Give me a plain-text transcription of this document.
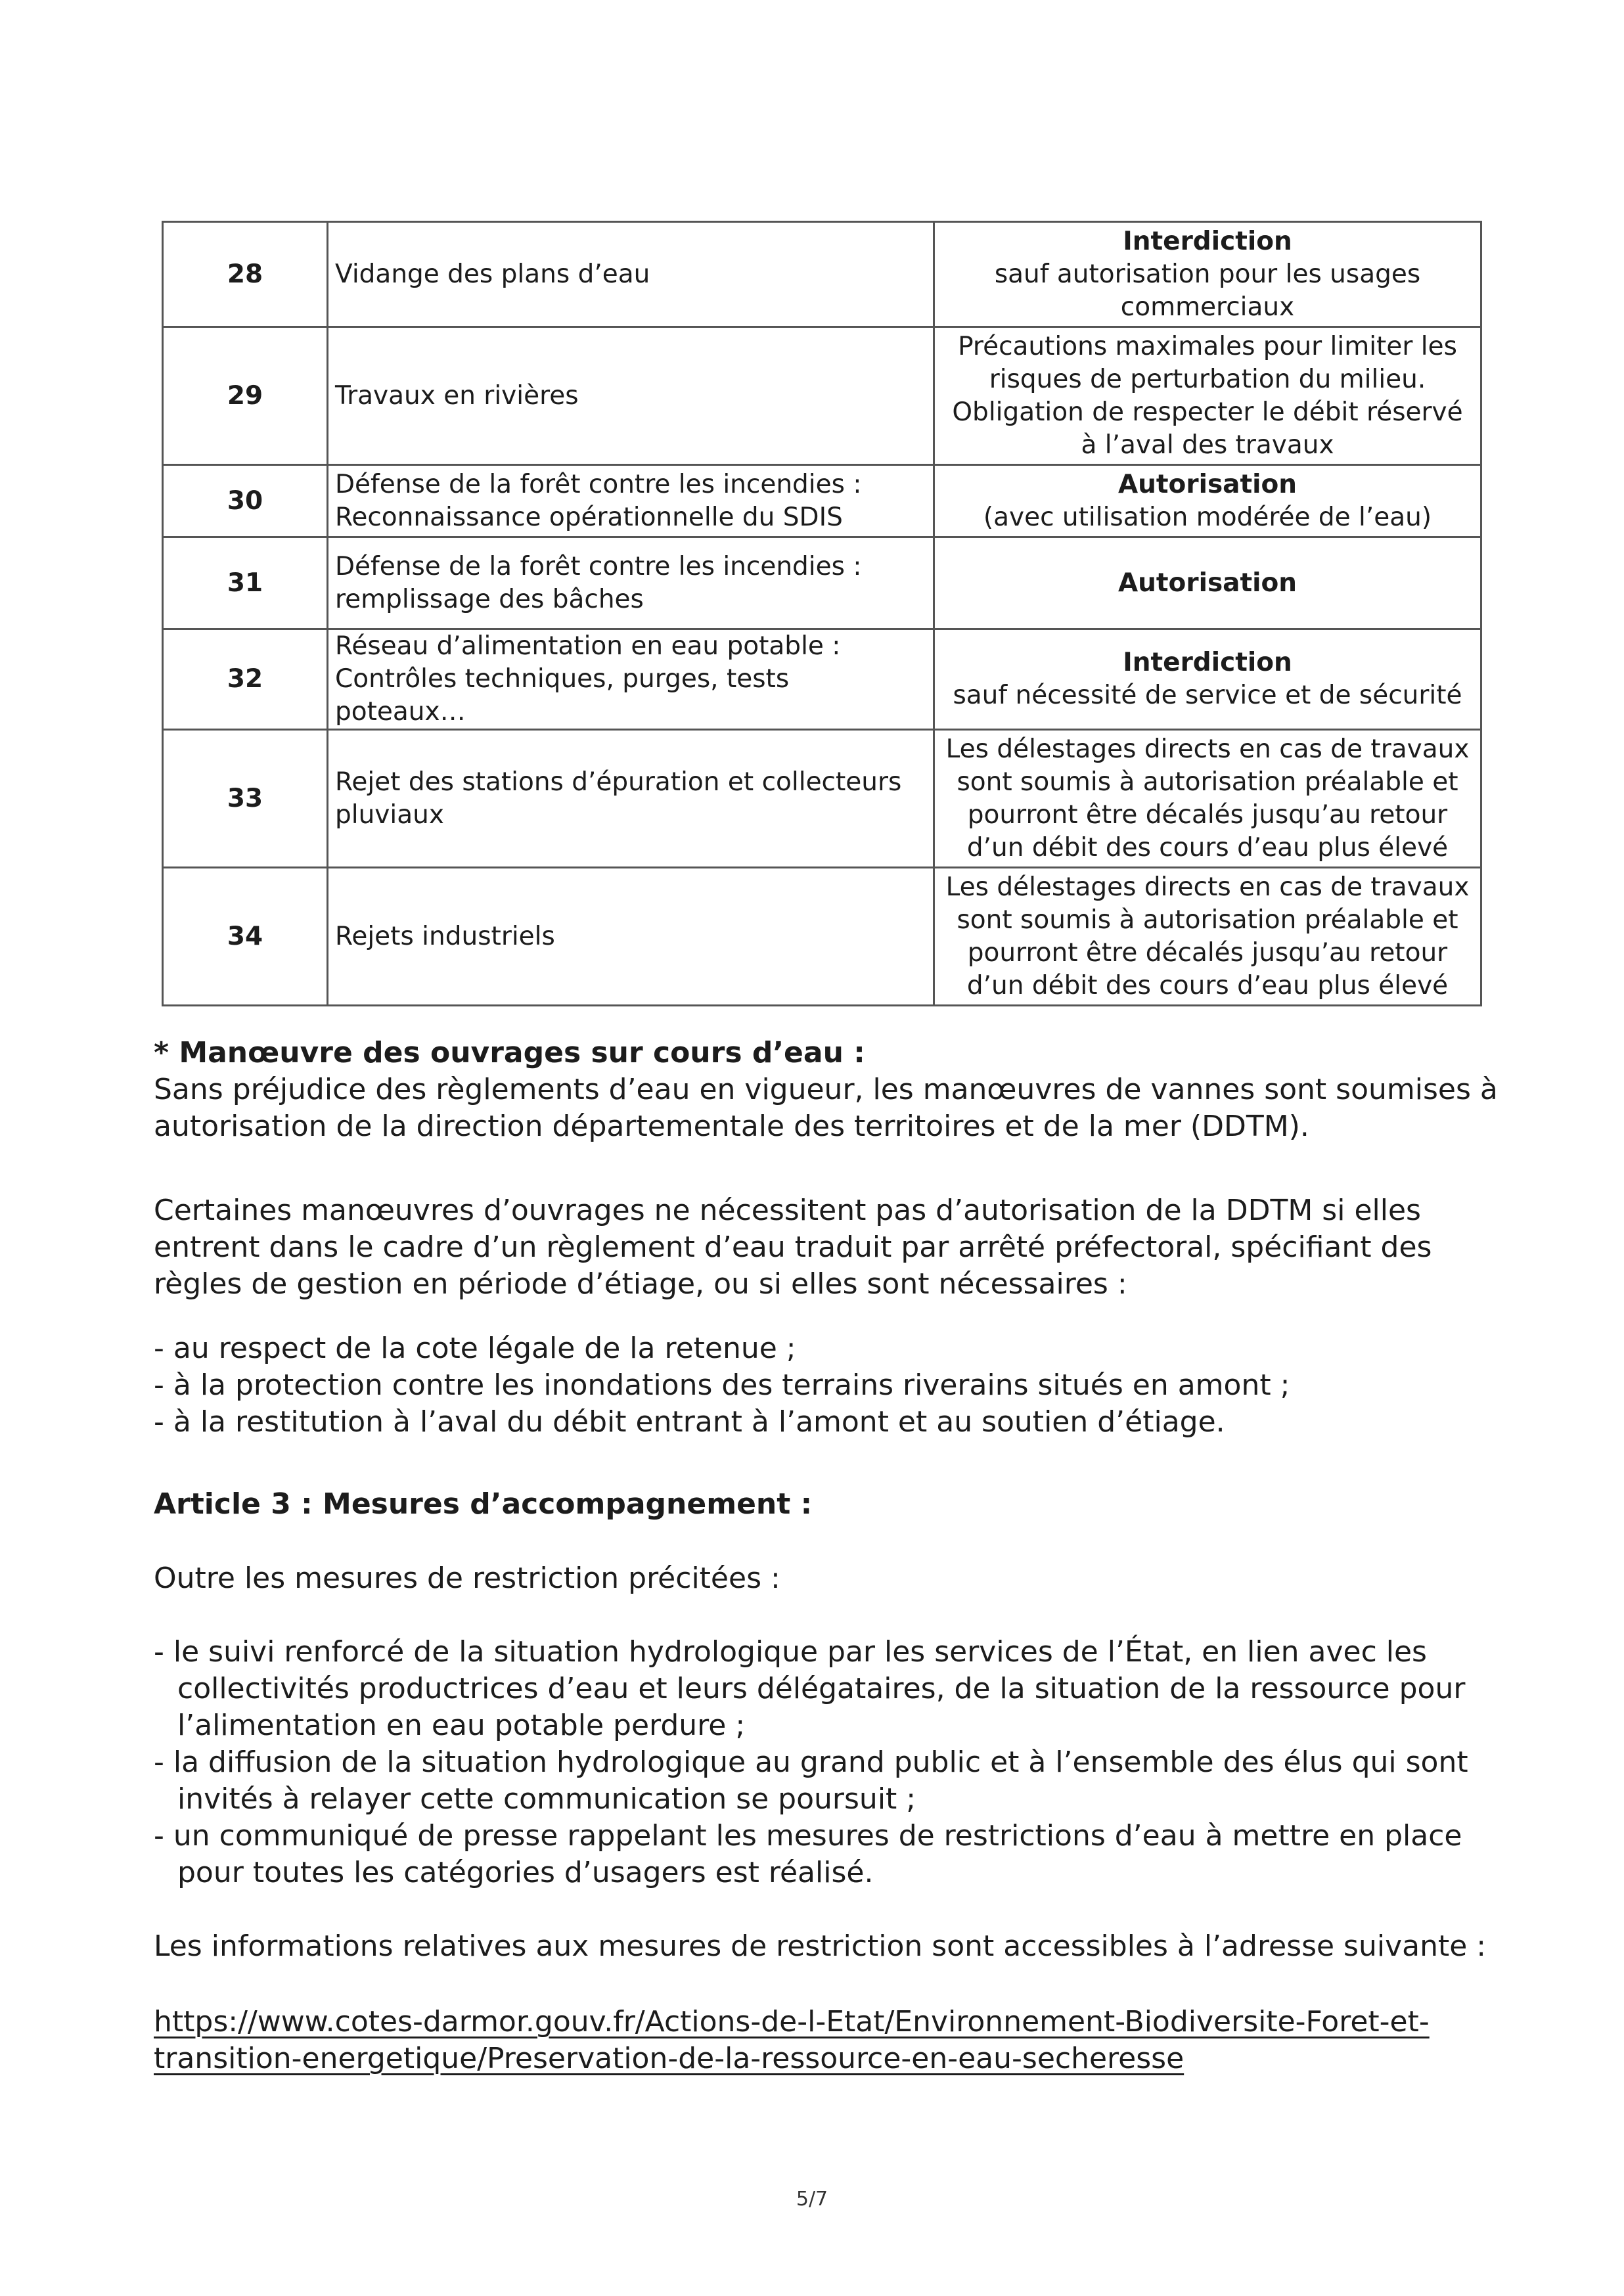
28	Vidange des plans d’eau	Interdiction
sauf autorisation pour les usages
commerciaux

29	Travaux en rivières	Précautions maximales pour limiter les
risques de perturbation du milieu.
Obligation de respecter le débit réservé
à l’aval des travaux

30	Défense de la forêt contre les incendies :
Reconnaissance opérationnelle du SDIS	Autorisation
(avec utilisation modérée de l’eau)

31	Défense de la forêt contre les incendies :
remplissage des bâches	Autorisation

32	Réseau d’alimentation en eau potable :
Contrôles techniques, purges, tests poteaux…	Interdiction
sauf nécessité de service et de sécurité

33	Rejet des stations d’épuration et collecteurs
pluviaux	Les délestages directs en cas de travaux
sont soumis à autorisation préalable et
pourront être décalés jusqu’au retour
d’un débit des cours d’eau plus élevé

34	Rejets industriels	Les délestages directs en cas de travaux
sont soumis à autorisation préalable et
pourront être décalés jusqu’au retour
d’un débit des cours d’eau plus élevé
* Manœuvre des ouvrages sur cours d’eau :
Sans préjudice des règlements d’eau en vigueur, les manœuvres de vannes sont soumises à
autorisation de la direction départementale des territoires et de la mer (DDTM).
Certaines manœuvres d’ouvrages ne nécessitent pas d’autorisation de la DDTM si elles
entrent dans le cadre d’un règlement d’eau traduit par arrêté préfectoral, spécifiant des
règles de gestion en période d’étiage, ou si elles sont nécessaires :
- au respect de la cote légale de la retenue ;
- à la protection contre les inondations des terrains riverains situés en amont ;
- à la restitution à l’aval du débit entrant à l’amont et au soutien d’étiage.
Article 3 : Mesures d’accompagnement :
Outre les mesures de restriction précitées :
- le suivi renforcé de la situation hydrologique par les services de l’État, en lien avec les
collectivités productrices d’eau et leurs délégataires, de la situation de la ressource pour
l’alimentation en eau potable perdure ;
- la diffusion de la situation hydrologique au grand public et à l’ensemble des élus qui sont
invités à relayer cette communication se poursuit ;
- un communiqué de presse rappelant les mesures de restrictions d’eau à mettre en place
pour toutes les catégories d’usagers est réalisé.
Les informations relatives aux mesures de restriction sont accessibles à l’adresse suivante :
https://www.cotes-darmor.gouv.fr/Actions-de-l-Etat/Environnement-Biodiversite-Foret-et-
transition-energetique/Preservation-de-la-ressource-en-eau-secheresse
5/7
